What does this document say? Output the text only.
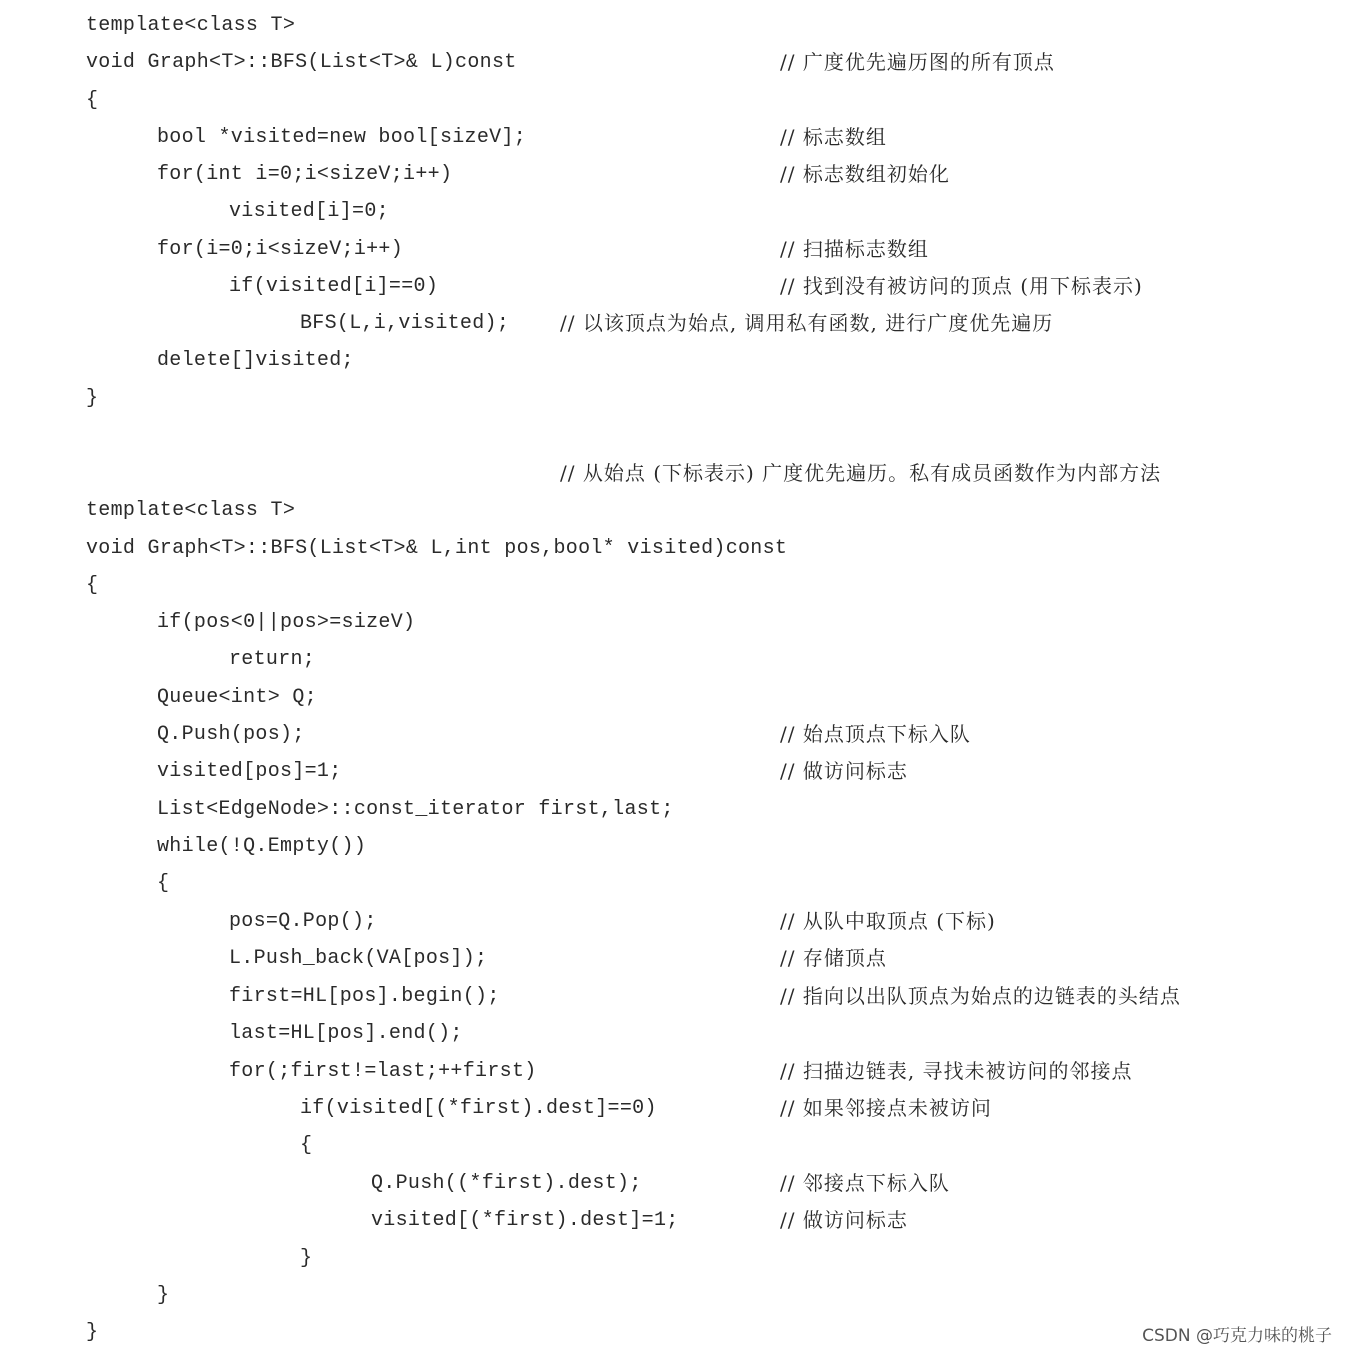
template<class T>
void Graph<T>::BFS(List<T>& L)const	// 广度优先遍历图的所有顶点
{
bool *visited=new bool[sizeV];	// 标志数组
for(int i=0;i<sizeV;i++)	// 标志数组初始化
visited[i]=0;
for(i=0;i<sizeV;i++)	// 扫描标志数组
if(visited[i]==0)	// 找到没有被访问的顶点 (用下标表示)
BFS(L,i,visited);	// 以该顶点为始点, 调用私有函数, 进行广度优先遍历
delete[]visited;
}
// 从始点 (下标表示) 广度优先遍历。私有成员函数作为内部方法
template<class T>
void Graph<T>::BFS(List<T>& L,int pos,bool* visited)const
{
if(pos<0||pos>=sizeV)
return;
Queue<int> Q;
Q.Push(pos);	// 始点顶点下标入队
visited[pos]=1;	// 做访问标志
List<EdgeNode>::const_iterator first,last;
while(!Q.Empty())
{
pos=Q.Pop();	// 从队中取顶点 (下标)
L.Push_back(VA[pos]);	// 存储顶点
first=HL[pos].begin();	// 指向以出队顶点为始点的边链表的头结点
last=HL[pos].end();
for(;first!=last;++first)	// 扫描边链表, 寻找未被访问的邻接点
if(visited[(*first).dest]==0)	// 如果邻接点未被访问
{
Q.Push((*first).dest);	// 邻接点下标入队
visited[(*first).dest]=1;	// 做访问标志
}
}
}	CSDN @巧克力味的桃子
